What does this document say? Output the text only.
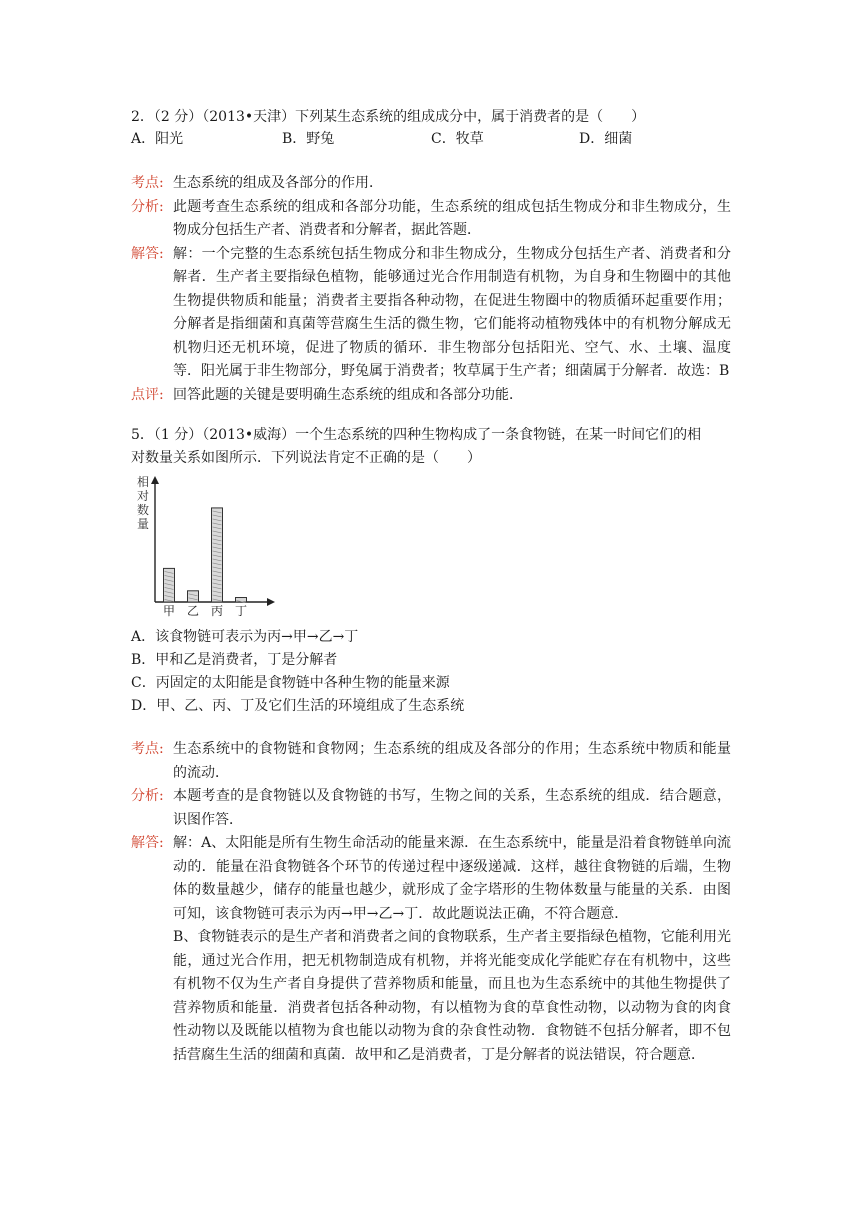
2．（2 分）（2013•天津）下列某生态系统的组成成分中，属于消费者的是（　　）
A．阳光	B．野兔	C．牧草	D．细菌
考点: 生态系统的组成及各部分的作用．
分析: 此题考查生态系统的组成和各部分功能，生态系统的组成包括生物成分和非生物成分，生物成分包括生产者、消费者和分解者，据此答题．
解答: 解：一个完整的生态系统包括生物成分和非生物成分，生物成分包括生产者、消费者和分解者．生产者主要指绿色植物，能够通过光合作用制造有机物，为自身和生物圈中的其他生物提供物质和能量；消费者主要指各种动物，在促进生物圈中的物质循环起重要作用；分解者是指细菌和真菌等营腐生生活的微生物，它们能将动植物残体中的有机物分解成无机物归还无机环境，促进了物质的循环．非生物部分包括阳光、空气、水、土壤、温度等．阳光属于非生物部分，野兔属于消费者；牧草属于生产者；细菌属于分解者．故选：B
点评: 回答此题的关键是要明确生态系统的组成和各部分功能．
5．（1 分）（2013•威海）一个生态系统的四种生物构成了一条食物链，在某一时间它们的相
对数量关系如图所示．下列说法肯定不正确的是（　　）
相
对
数
量
甲 乙 丙 丁
A．该食物链可表示为丙→甲→乙→丁
B．甲和乙是消费者，丁是分解者
C．丙固定的太阳能是食物链中各种生物的能量来源
D．甲、乙、丙、丁及它们生活的环境组成了生态系统
考点: 生态系统中的食物链和食物网；生态系统的组成及各部分的作用；生态系统中物质和能量的流动．
分析: 本题考查的是食物链以及食物链的书写，生物之间的关系，生态系统的组成．结合题意，识图作答．
解答: 解：A、太阳能是所有生物生命活动的能量来源．在生态系统中，能量是沿着食物链单向流动的．能量在沿食物链各个环节的传递过程中逐级递减．这样，越往食物链的后端，生物体的数量越少，储存的能量也越少，就形成了金字塔形的生物体数量与能量的关系．由图可知，该食物链可表示为丙→甲→乙→丁．故此题说法正确，不符合题意．
B、食物链表示的是生产者和消费者之间的食物联系，生产者主要指绿色植物，它能利用光能，通过光合作用，把无机物制造成有机物，并将光能变成化学能贮存在有机物中，这些有机物不仅为生产者自身提供了营养物质和能量，而且也为生态系统中的其他生物提供了营养物质和能量．消费者包括各种动物，有以植物为食的草食性动物，以动物为食的肉食性动物以及既能以植物为食也能以动物为食的杂食性动物．食物链不包括分解者，即不包括营腐生生活的细菌和真菌．故甲和乙是消费者，丁是分解者的说法错误，符合题意．
